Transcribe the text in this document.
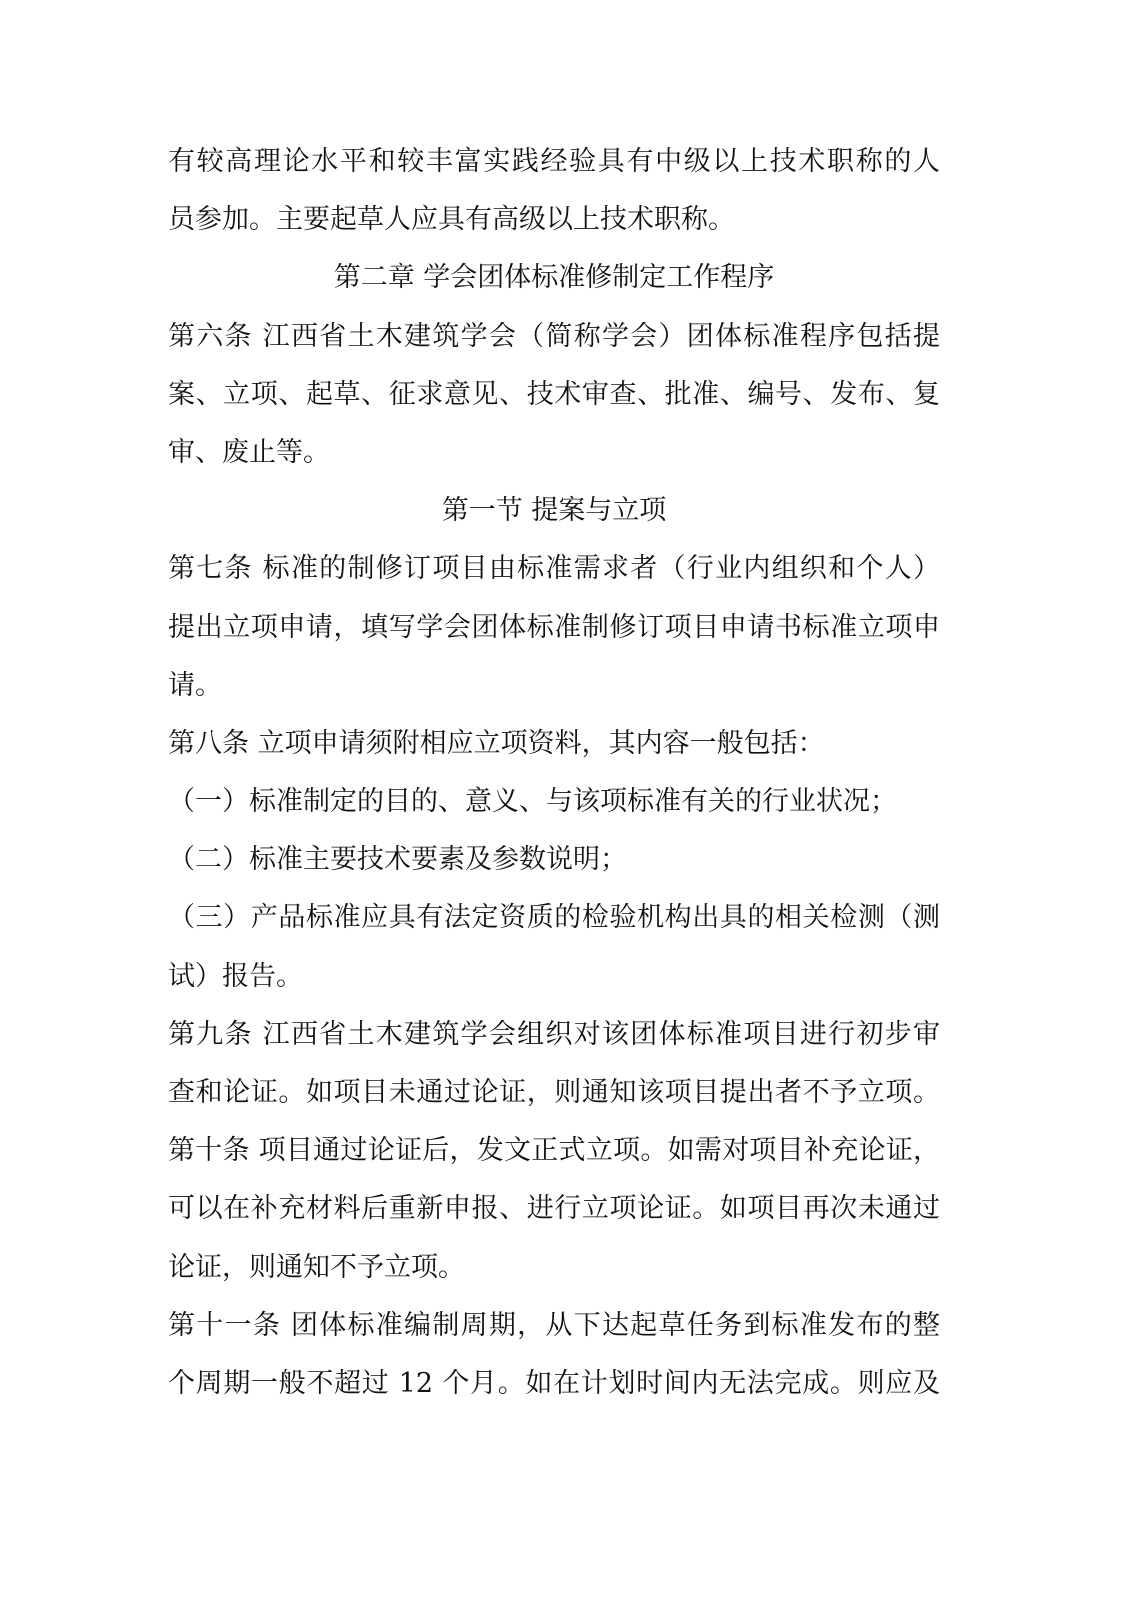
有较高理论水平和较丰富实践经验具有中级以上技术职称的人
员参加。主要起草人应具有高级以上技术职称。
第二章 学会团体标准修制定工作程序
第六条 江西省土木建筑学会（简称学会）团体标准程序包括提
案、立项、起草、征求意见、技术审查、批准、编号、发布、复
审、废止等。
第一节 提案与立项
第七条 标准的制修订项目由标准需求者（行业内组织和个人）
提出立项申请，填写学会团体标准制修订项目申请书标准立项申
请。
第八条 立项申请须附相应立项资料，其内容一般包括：
（一）标准制定的目的、意义、与该项标准有关的行业状况；
（二）标准主要技术要素及参数说明；
（三）产品标准应具有法定资质的检验机构出具的相关检测（测
试）报告。
第九条 江西省土木建筑学会组织对该团体标准项目进行初步审
查和论证。如项目未通过论证，则通知该项目提出者不予立项。
第十条 项目通过论证后，发文正式立项。如需对项目补充论证，
可以在补充材料后重新申报、进行立项论证。如项目再次未通过
论证，则通知不予立项。
第十一条 团体标准编制周期，从下达起草任务到标准发布的整
个周期一般不超过 12 个月。如在计划时间内无法完成。则应及
